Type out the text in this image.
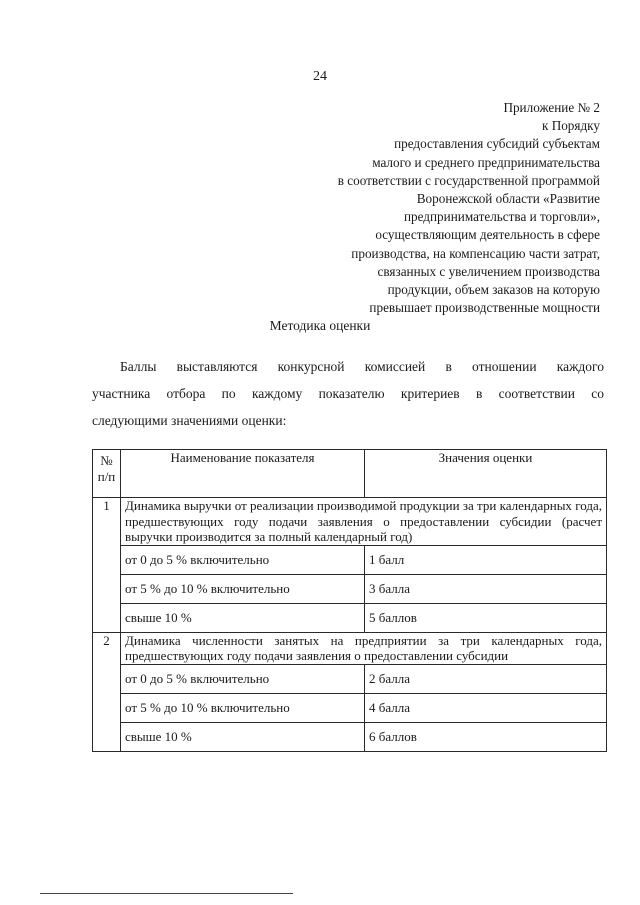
24
Приложение № 2
к Порядку
предоставления субсидий субъектам
малого и среднего предпринимательства
в соответствии с государственной программой
Воронежской области «Развитие
предпринимательства и торговли»,
осуществляющим деятельность в сфере
производства, на компенсацию части затрат,
связанных с увеличением производства
продукции, объем заказов на которую
превышает производственные мощности
Методика оценки
Баллы выставляются конкурсной комиссией в отношении каждого
участника отбора по каждому показателю критериев в соответствии со
следующими значениями оценки:
№ п/п	Наименование показателя	Значения оценки
1	Динамика выручки от реализации производимой продукции за три календарных года, предшествующих году подачи заявления о предоставлении субсидии (расчет выручки производится за полный календарный год)	
	от 0 до 5 % включительно	1 балл
	от 5 % до 10 % включительно	3 балла
	свыше 10 %	5 баллов
2	Динамика численности занятых на предприятии за три календарных года, предшествующих году подачи заявления о предоставлении субсидии	
	от 0 до 5 % включительно	2 балла
	от 5 % до 10 % включительно	4 балла
	свыше 10 %	6 баллов
